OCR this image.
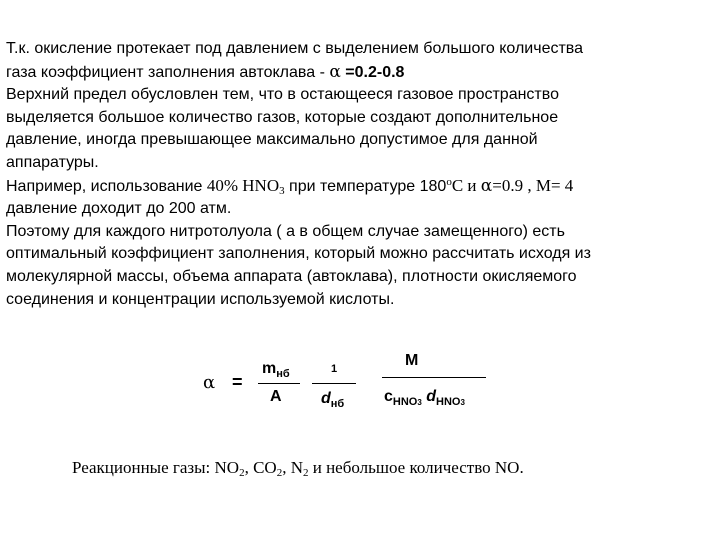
Т.к. окисление протекает под давлением с выделением большого количества

газа коэффициент заполнения автоклава - α =0.2-0.8

Верхний предел обусловлен тем, что в остающееся газовое пространство

выделяется большое количество газов, которые создают дополнительное

давление, иногда превышающее максимально допустимое для данной

аппаратуры.

Например, использование 40% $HNO_3$ при температуре 180$^o$C и α=0.9 , M= 4

давление доходит до 200 атм.

Поэтому для каждого нитротолуола ( а в общем случае замещенного) есть

оптимальный коэффициент заполнения, который можно рассчитать исходя из

молекулярной массы, объема аппарата (автоклава), плотности окисляемого

соединения и концентрации используемой кислоты.

α =
$m_{нб}$
A
1
$d_{нб}$
M
$c_{HNO3}$ $d_{HNO3}$
Реакционные газы: $NO_2$, $CO_2$, $N_2$ и небольшое количество NO.
